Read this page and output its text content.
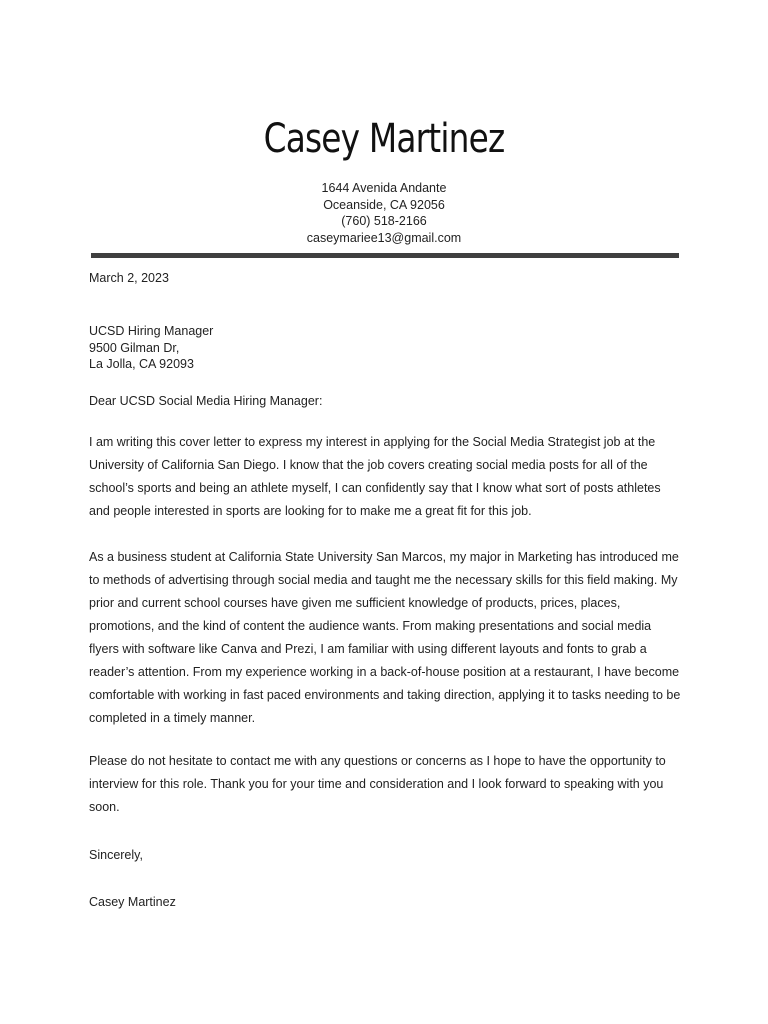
Casey Martinez
1644 Avenida Andante
Oceanside, CA 92056
(760) 518-2166
caseymariee13@gmail.com
March 2, 2023
UCSD Hiring Manager
9500 Gilman Dr,
La Jolla, CA 92093
Dear UCSD Social Media Hiring Manager:

I am writing this cover letter to express my interest in applying for the Social Media Strategist job at the University of California San Diego. I know that the job covers creating social media posts for all of the school’s sports and being an athlete myself, I can confidently say that I know what sort of posts athletes and people interested in sports are looking for to make me a great fit for this job.

As a business student at California State University San Marcos, my major in Marketing has introduced me to methods of advertising through social media and taught me the necessary skills for this field making. My prior and current school courses have given me sufficient knowledge of products, prices, places, promotions, and the kind of content the audience wants. From making presentations and social media flyers with software like Canva and Prezi, I am familiar with using different layouts and fonts to grab a reader’s attention. From my experience working in a back-of-house position at a restaurant, I have become comfortable with working in fast paced environments and taking direction, applying it to tasks needing to be completed in a timely manner.

Please do not hesitate to contact me with any questions or concerns as I hope to have the opportunity to interview for this role. Thank you for your time and consideration and I look forward to speaking with you soon.

Sincerely,
Casey Martinez
